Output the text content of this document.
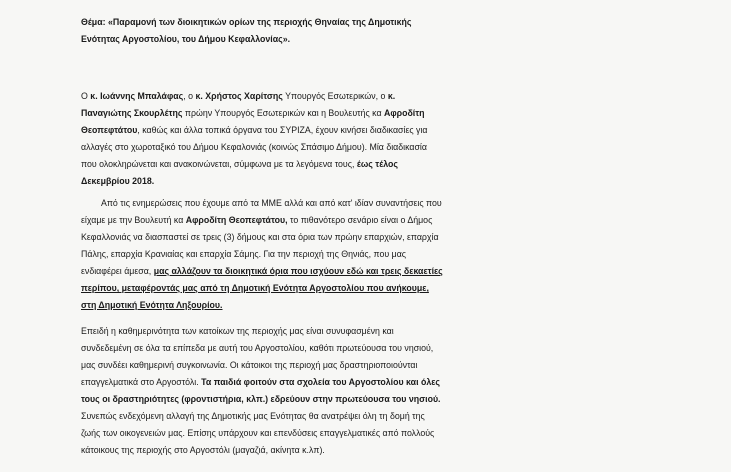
Θέμα: «Παραμονή των διοικητικών ορίων της περιοχής Θηναίας της Δημοτικής
Ενότητας Αργοστολίου, του Δήμου Κεφαλλονίας».
Ο κ. Ιωάννης Μπαλάφας, ο κ. Χρήστος Χαρίτσης Υπουργός Εσωτερικών, ο κ.
Παναγιώτης Σκουρλέτης πρώην Υπουργός Εσωτερικών και η Βουλευτής κα Αφροδίτη
Θεοπεφτάτου, καθώς και άλλα τοπικά όργανα του ΣΥΡΙΖΑ, έχουν κινήσει διαδικασίες για
αλλαγές στο χωροταξικό του Δήμου Κεφαλονιάς (κοινώς Σπάσιμο Δήμου). Μία διαδικασία
που ολοκληρώνεται και ανακοινώνεται, σύμφωνα με τα λεγόμενα τους, έως τέλος
Δεκεμβρίου 2018.
Από τις ενημερώσεις που έχουμε από τα ΜΜΕ αλλά και από κατ' ιδίαν συναντήσεις που
είχαμε με την Βουλευτή κα Αφροδίτη Θεοπεφτάτου, το πιθανότερο σενάριο είναι ο Δήμος
Κεφαλλονιάς να διασπαστεί σε τρεις (3) δήμους και στα όρια των πρώην επαρχιών, επαρχία
Πάλης, επαρχία Κρανιαίας και επαρχία Σάμης. Για την περιοχή της Θηνιάς, που μας
ενδιαφέρει άμεσα, μας αλλάζουν τα διοικητικά όρια που ισχύουν εδώ και τρεις δεκαετίες
περίπου, μεταφέροντάς μας από τη Δημοτική Ενότητα Αργοστολίου που ανήκουμε,
στη Δημοτική Ενότητα Ληξουρίου.
Επειδή η καθημερινότητα των κατοίκων της περιοχής μας είναι συνυφασμένη και
συνδεδεμένη σε όλα τα επίπεδα με αυτή του Αργοστολίου, καθότι πρωτεύουσα του νησιού,
μας συνδέει καθημερινή συγκοινωνία. Οι κάτοικοι της περιοχή μας δραστηριοποιούνται
επαγγελματικά στο Αργοστόλι. Τα παιδιά φοιτούν στα σχολεία του Αργοστολίου και όλες
τους οι δραστηριότητες (φροντιστήρια, κλπ.) εδρεύουν στην πρωτεύουσα του νησιού.
Συνεπώς ενδεχόμενη αλλαγή της Δημοτικής μας Ενότητας θα ανατρέψει όλη τη δομή της
ζωής των οικογενειών μας. Επίσης υπάρχουν και επενδύσεις επαγγελματικές από πολλούς
κάτοικους της περιοχής στο Αργοστόλι (μαγαζιά, ακίνητα κ.λπ).
